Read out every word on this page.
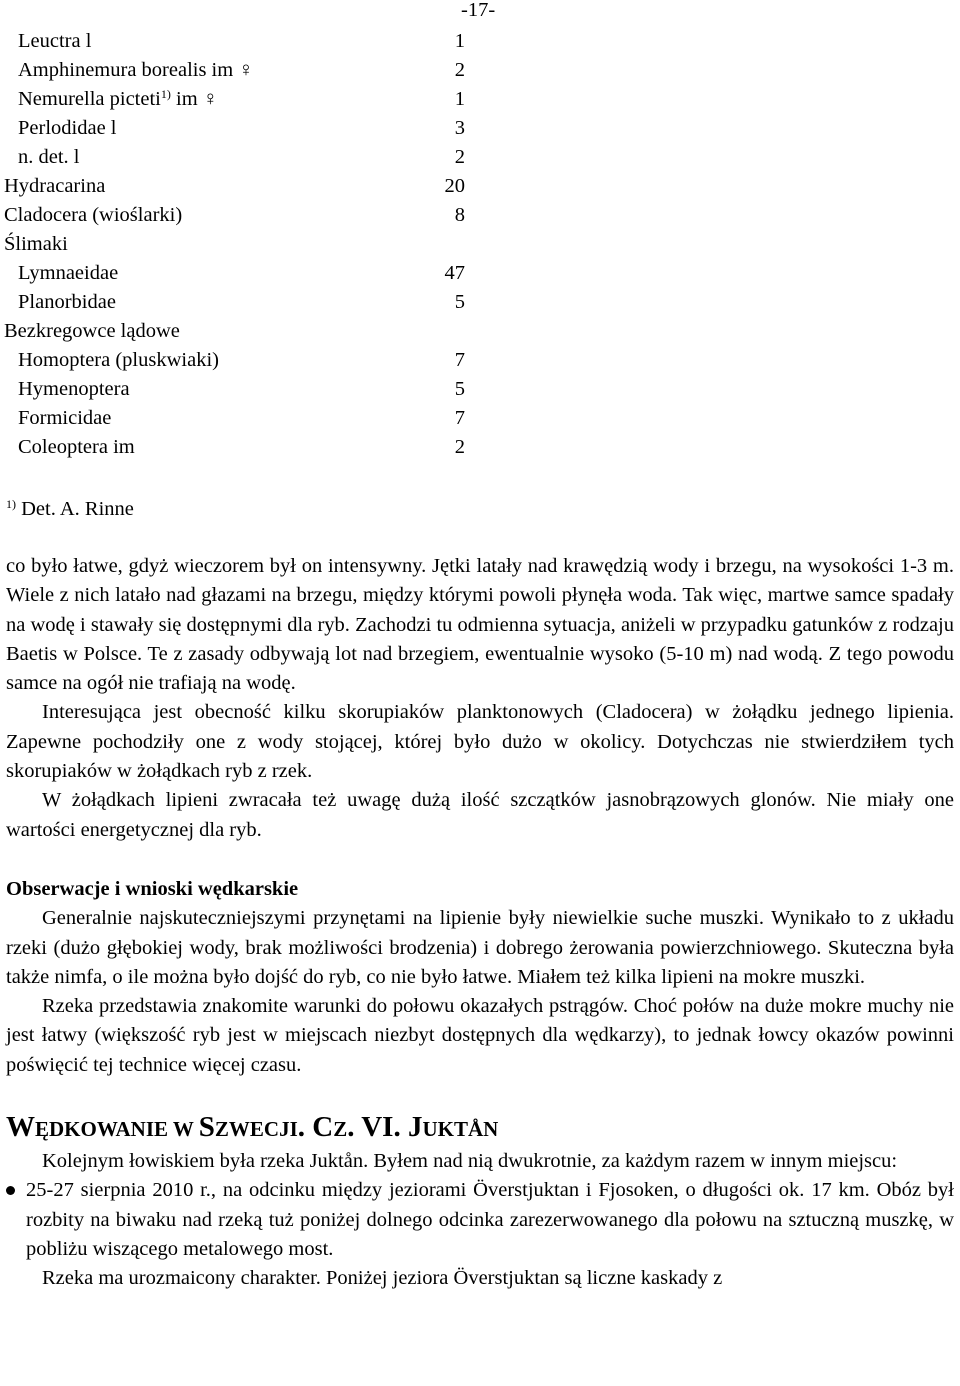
-17-
Leuctra l	1
Amphinemura borealis im ♀	2
Nemurella picteti$^{1)}$ im ♀	1
Perlodidae l	3
n. det. l	2
Hydracarina	20
Cladocera (wioślarki)	8
Ślimaki
Lymnaeidae	47
Planorbidae	5
Bezkregowce lądowe
Homoptera (pluskwiaki)	7
Hymenoptera	5
Formicidae	7
Coleoptera im	2
$^{1)}$ Det. A. Rinne

co było łatwe, gdyż wieczorem był on intensywny. Jętki latały nad krawędzią wody i brzegu, na wysokości 1-3 m. Wiele z nich latało nad głazami na brzegu, między którymi powoli płynęła woda. Tak więc, martwe samce spadały na wodę i stawały się dostępnymi dla ryb. Zachodzi tu odmienna sytuacja, aniżeli w przypadku gatunków z rodzaju Baetis w Polsce. Te z zasady odbywają lot nad brzegiem, ewentualnie wysoko (5-10 m) nad wodą. Z tego powodu samce na ogół nie trafiają na wodę.

Interesująca jest obecność kilku skorupiaków planktonowych (Cladocera) w żołądku jednego lipienia. Zapewne pochodziły one z wody stojącej, której było dużo w okolicy. Dotychczas nie stwierdziłem tych skorupiaków w żołądkach ryb z rzek.

W żołądkach lipieni zwracała też uwagę dużą ilość szczątków jasnobrązowych glonów. Nie miały one wartości energetycznej dla ryb.

Obserwacje i wnioski wędkarskie

Generalnie najskuteczniejszymi przynętami na lipienie były niewielkie suche muszki. Wynikało to z układu rzeki (dużo głębokiej wody, brak możliwości brodzenia) i dobrego żerowania powierzchniowego. Skuteczna była także nimfa, o ile można było dojść do ryb, co nie było łatwe. Miałem też kilka lipieni na mokre muszki.

Rzeka przedstawia znakomite warunki do połowu okazałych pstrągów. Choć połów na duże mokre muchy nie jest łatwy (większość ryb jest w miejscach niezbyt dostępnych dla wędkarzy), to jednak łowcy okazów powinni poświęcić tej technice więcej czasu.

WĘDKOWANIE W SZWECJI. CZ. VI. JUKTÅN

Kolejnym łowiskiem była rzeka Juktån. Byłem nad nią dwukrotnie, za każdym razem w innym miejscu:

25-27 sierpnia 2010 r., na odcinku między jeziorami Överstjuktan i Fjosoken, o długości ok. 17 km. Obóz był rozbity na biwaku nad rzeką tuż poniżej dolnego odcinka zarezerwowanego dla połowu na sztuczną muszkę, w pobliżu wiszącego metalowego most.

Rzeka ma urozmaicony charakter. Poniżej jeziora Överstjuktan są liczne kaskady z
